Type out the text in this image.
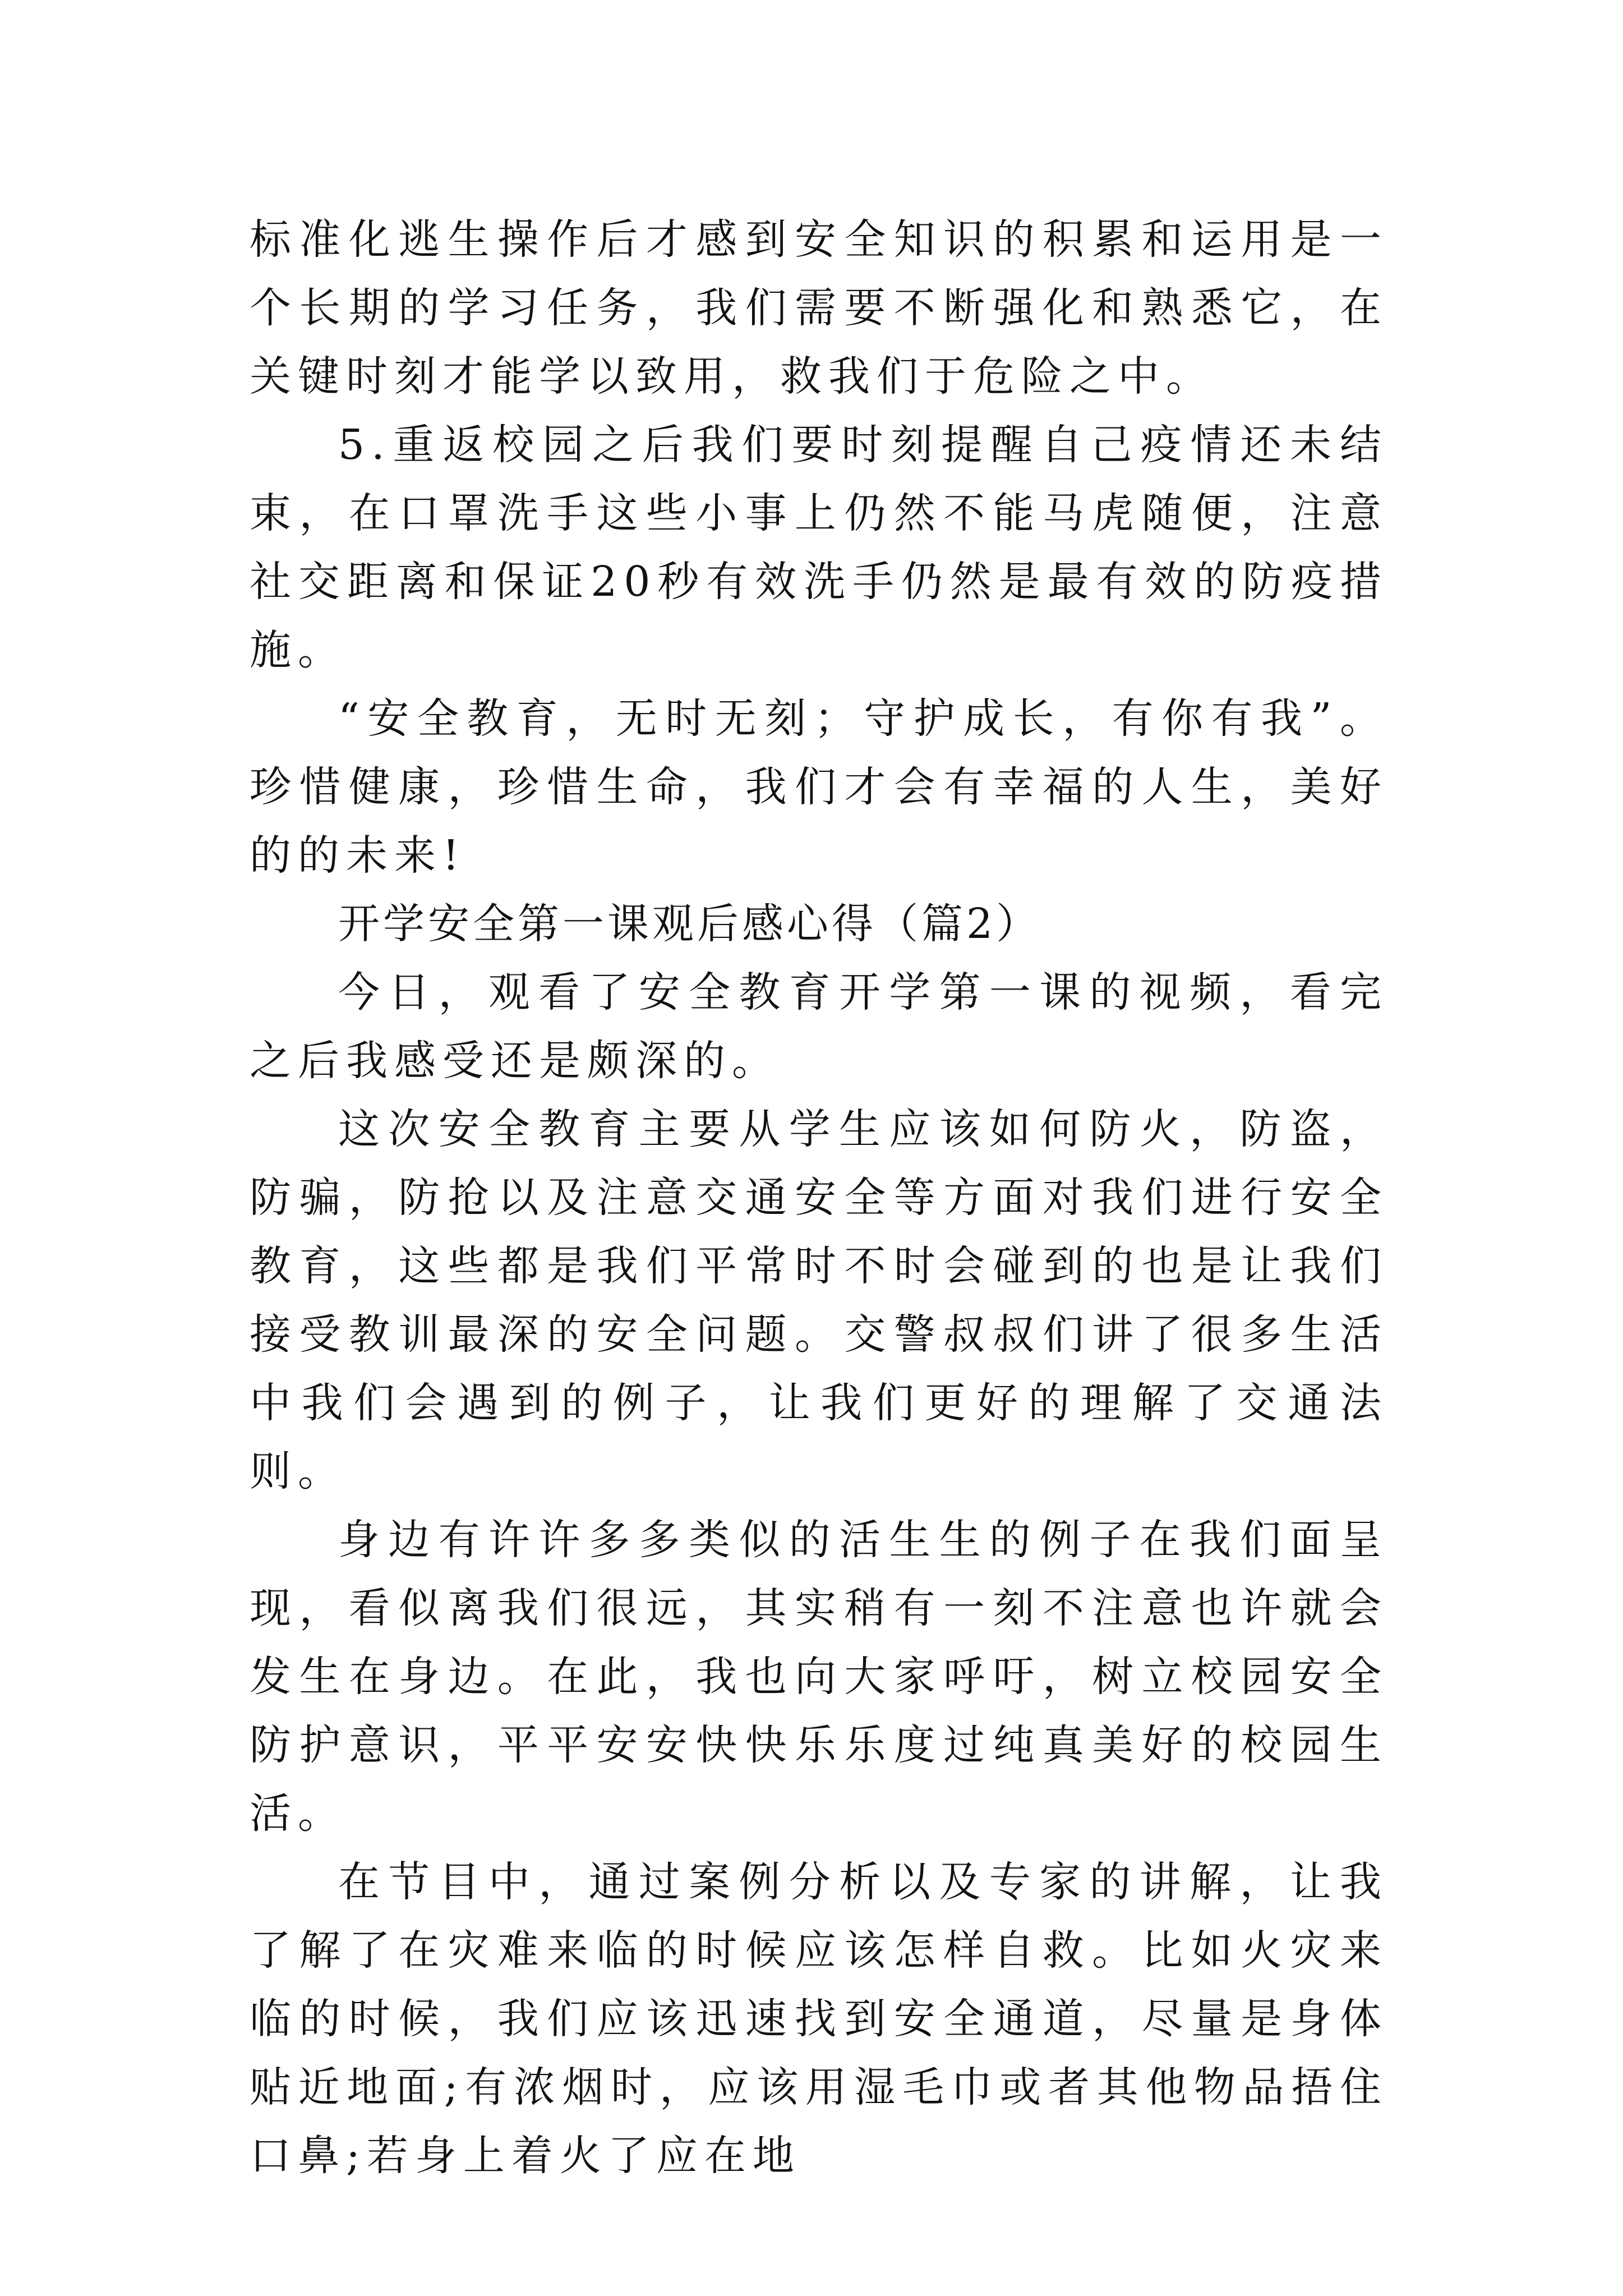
标准化逃生操作后才感到安全知识的积累和运用是一个长期的学习任务，我们需要不断强化和熟悉它，在关键时刻才能学以致用，救我们于危险之中。

5.重返校园之后我们要时刻提醒自己疫情还未结束，在口罩洗手这些小事上仍然不能马虎随便，注意社交距离和保证20秒有效洗手仍然是最有效的防疫措施。

“安全教育，无时无刻；守护成长，有你有我”。珍惜健康，珍惜生命，我们才会有幸福的人生，美好的的未来!

开学安全第一课观后感心得（篇2）

今日，观看了安全教育开学第一课的视频，看完之后我感受还是颇深的。

这次安全教育主要从学生应该如何防火，防盗，防骗，防抢以及注意交通安全等方面对我们进行安全教育，这些都是我们平常时不时会碰到的也是让我们接受教训最深的安全问题。交警叔叔们讲了很多生活中我们会遇到的例子，让我们更好的理解了交通法则。

身边有许许多多类似的活生生的例子在我们面呈现，看似离我们很远，其实稍有一刻不注意也许就会发生在身边。在此，我也向大家呼吁，树立校园安全防护意识，平平安安快快乐乐度过纯真美好的校园生活。

在节目中，通过案例分析以及专家的讲解，让我了解了在灾难来临的时候应该怎样自救。比如火灾来临的时候，我们应该迅速找到安全通道，尽量是身体贴近地面;有浓烟时，应该用湿毛巾或者其他物品捂住口鼻;若身上着火了应在地
